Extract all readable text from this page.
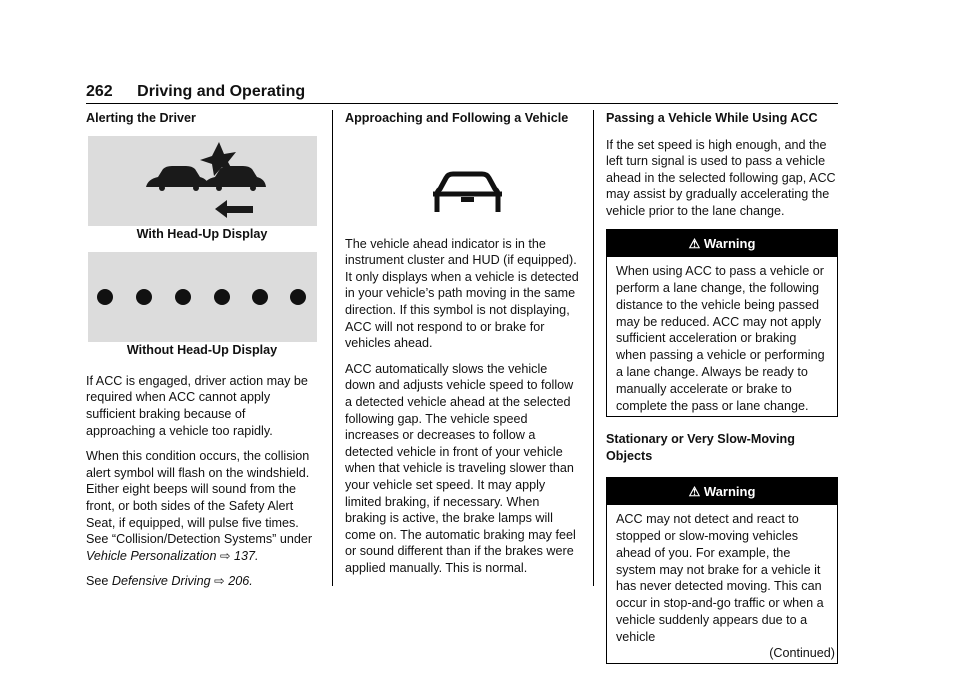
262 Driving and Operating

Alerting the Driver

With Head-Up Display

Without Head-Up Display

If ACC is engaged, driver action may be required when ACC cannot apply sufficient braking because of approaching a vehicle too rapidly.

When this condition occurs, the collision alert symbol will flash on the windshield. Either eight beeps will sound from the front, or both sides of the Safety Alert Seat, if equipped, will pulse five times. See “Collision/Detection Systems” under Vehicle Personalization ⇨ 137.

See Defensive Driving ⇨ 206.

Approaching and Following a Vehicle

The vehicle ahead indicator is in the instrument cluster and HUD (if equipped). It only displays when a vehicle is detected in your vehicle’s path moving in the same direction. If this symbol is not displaying, ACC will not respond to or brake for vehicles ahead.

ACC automatically slows the vehicle down and adjusts vehicle speed to follow a detected vehicle ahead at the selected following gap. The vehicle speed increases or decreases to follow a detected vehicle in front of your vehicle when that vehicle is traveling slower than your vehicle set speed. It may apply limited braking, if necessary. When braking is active, the brake lamps will come on. The automatic braking may feel or sound different than if the brakes were applied manually. This is normal.

Passing a Vehicle While Using ACC

If the set speed is high enough, and the left turn signal is used to pass a vehicle ahead in the selected following gap, ACC may assist by gradually accelerating the vehicle prior to the lane change.

⚠ Warning
When using ACC to pass a vehicle or perform a lane change, the following distance to the vehicle being passed may be reduced. ACC may not apply sufficient acceleration or braking when passing a vehicle or performing a lane change. Always be ready to manually accelerate or brake to complete the pass or lane change.

Stationary or Very Slow-Moving Objects

⚠ Warning
ACC may not detect and react to stopped or slow-moving vehicles ahead of you. For example, the system may not brake for a vehicle it has never detected moving. This can occur in stop-and-go traffic or when a vehicle suddenly appears due to a vehicle
(Continued)
